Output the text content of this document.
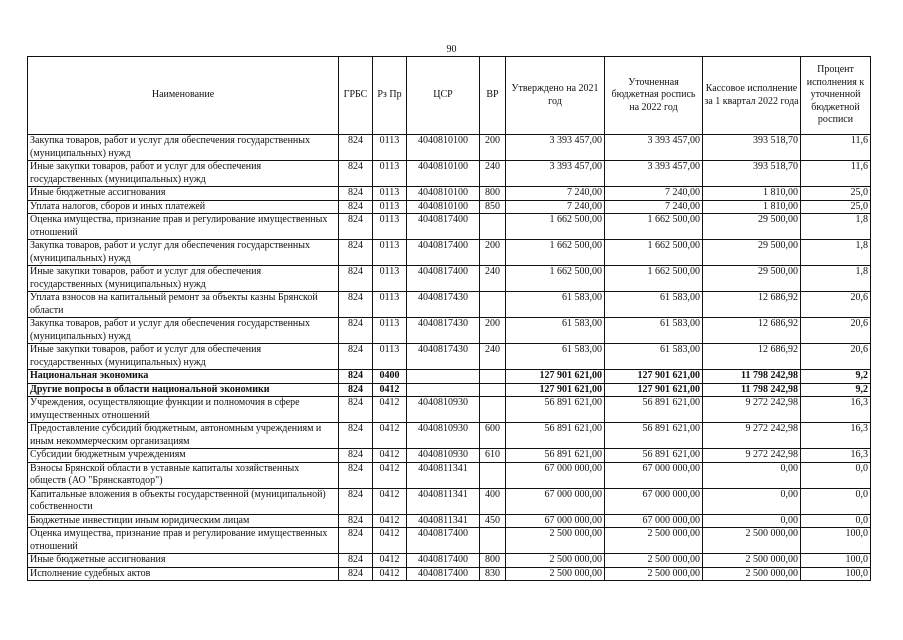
90
Наименование	ГРБС	Рз Пр	ЦСР	ВР	Утверждено на 2021 год	Уточненная бюджетная роспись на 2022 год	Кассовое исполнение за 1 квартал 2022 года	Процент исполнения к уточненной бюджетной росписи
Закупка товаров, работ и услуг для обеспечения государственных (муниципальных) нужд	824	0113	4040810100	200	3 393 457,00	3 393 457,00	393 518,70	11,6
Иные закупки товаров, работ и услуг для обеспечения государственных (муниципальных) нужд	824	0113	4040810100	240	3 393 457,00	3 393 457,00	393 518,70	11,6
Иные бюджетные ассигнования	824	0113	4040810100	800	7 240,00	7 240,00	1 810,00	25,0
Уплата налогов, сборов и иных платежей	824	0113	4040810100	850	7 240,00	7 240,00	1 810,00	25,0
Оценка имущества, признание прав и регулирование имущественных отношений	824	0113	4040817400		1 662 500,00	1 662 500,00	29 500,00	1,8
Закупка товаров, работ и услуг для обеспечения государственных (муниципальных) нужд	824	0113	4040817400	200	1 662 500,00	1 662 500,00	29 500,00	1,8
Иные закупки товаров, работ и услуг для обеспечения государственных (муниципальных) нужд	824	0113	4040817400	240	1 662 500,00	1 662 500,00	29 500,00	1,8
Уплата взносов на капитальный ремонт за объекты казны Брянской области	824	0113	4040817430		61 583,00	61 583,00	12 686,92	20,6
Закупка товаров, работ и услуг для обеспечения государственных (муниципальных) нужд	824	0113	4040817430	200	61 583,00	61 583,00	12 686,92	20,6
Иные закупки товаров, работ и услуг для обеспечения государственных (муниципальных) нужд	824	0113	4040817430	240	61 583,00	61 583,00	12 686,92	20,6
Национальная экономика	824	0400			127 901 621,00	127 901 621,00	11 798 242,98	9,2
Другие вопросы в области национальной экономики	824	0412			127 901 621,00	127 901 621,00	11 798 242,98	9,2
Учреждения, осуществляющие функции и полномочия в сфере имущественных отношений	824	0412	4040810930		56 891 621,00	56 891 621,00	9 272 242,98	16,3
Предоставление субсидий бюджетным, автономным учреждениям и иным некоммерческим организациям	824	0412	4040810930	600	56 891 621,00	56 891 621,00	9 272 242,98	16,3
Субсидии бюджетным учреждениям	824	0412	4040810930	610	56 891 621,00	56 891 621,00	9 272 242,98	16,3
Взносы Брянской области в уставные капиталы хозяйственных обществ (АО "Брянскавтодор")	824	0412	4040811341		67 000 000,00	67 000 000,00	0,00	0,0
Капитальные вложения в объекты государственной (муниципальной) собственности	824	0412	4040811341	400	67 000 000,00	67 000 000,00	0,00	0,0
Бюджетные инвестиции иным юридическим лицам	824	0412	4040811341	450	67 000 000,00	67 000 000,00	0,00	0,0
Оценка имущества, признание прав и регулирование имущественных отношений	824	0412	4040817400		2 500 000,00	2 500 000,00	2 500 000,00	100,0
Иные бюджетные ассигнования	824	0412	4040817400	800	2 500 000,00	2 500 000,00	2 500 000,00	100,0
Исполнение судебных актов	824	0412	4040817400	830	2 500 000,00	2 500 000,00	2 500 000,00	100,0
